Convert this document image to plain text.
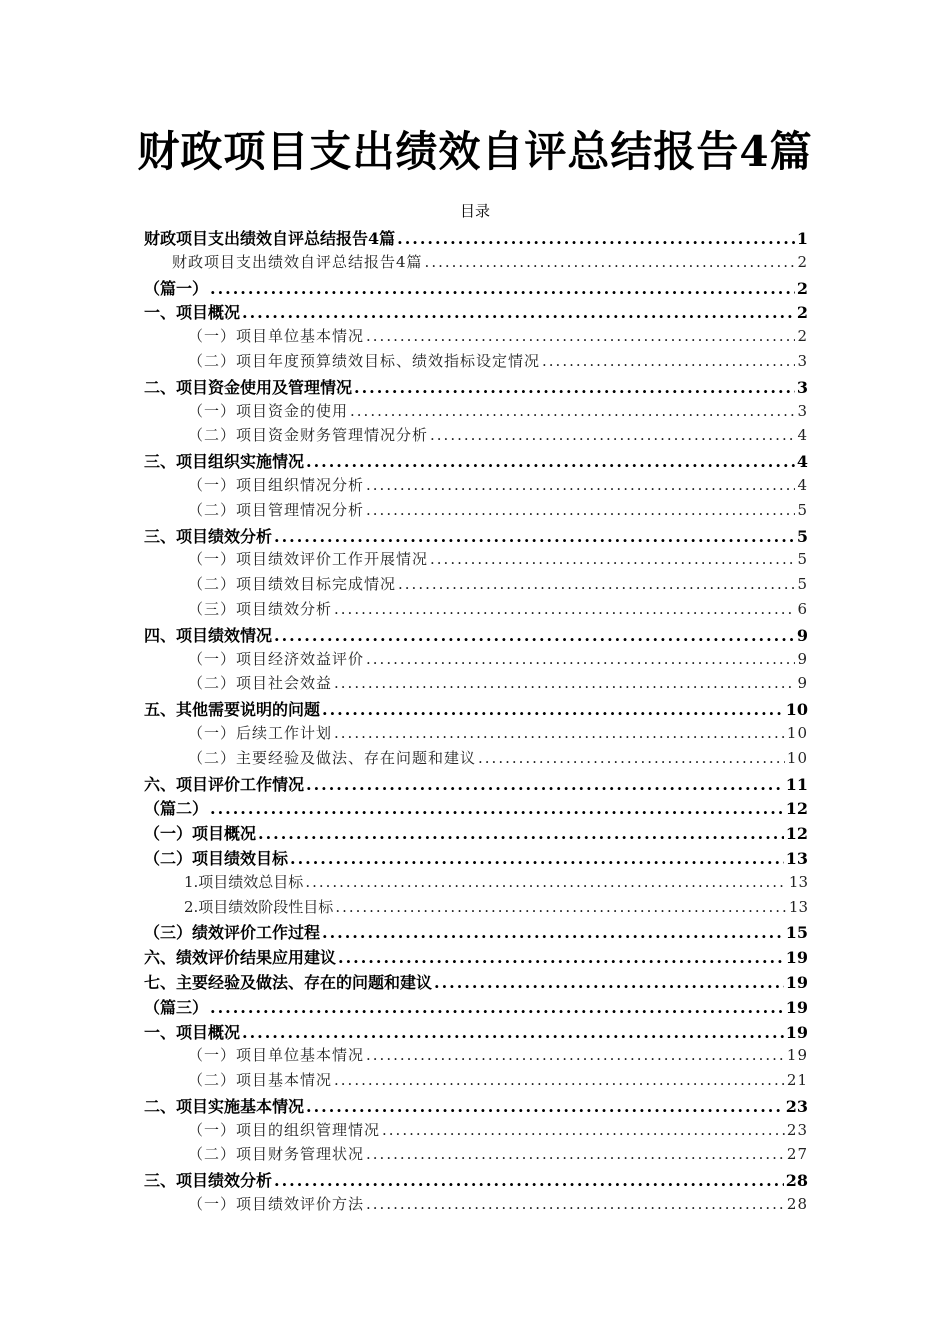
财政项目支出绩效自评总结报告4篇
目录
财政项目支出绩效自评总结报告4篇 .....	1
财政项目支出绩效自评总结报告4篇 .....	2
（篇一） .....	2
一、项目概况 .....	2
（一）项目单位基本情况 .....	2
（二）项目年度预算绩效目标、绩效指标设定情况 .....	3
二、项目资金使用及管理情况 .....	3
（一）项目资金的使用 .....	3
（二）项目资金财务管理情况分析 .....	4
三、项目组织实施情况 .....	4
（一）项目组织情况分析 .....	4
（二）项目管理情况分析 .....	5
三、项目绩效分析 .....	5
（一）项目绩效评价工作开展情况 .....	5
（二）项目绩效目标完成情况 .....	5
（三）项目绩效分析 .....	6
四、项目绩效情况 .....	9
（一）项目经济效益评价 .....	9
（二）项目社会效益 .....	9
五、其他需要说明的问题 .....	10
（一）后续工作计划 .....	10
（二）主要经验及做法、存在问题和建议 .....	10
六、项目评价工作情况 .....	11
（篇二） .....	12
（一）项目概况 .....	12
（二）项目绩效目标 .....	13
1.项目绩效总目标 .....	13
2.项目绩效阶段性目标 .....	13
（三）绩效评价工作过程 .....	15
六、绩效评价结果应用建议 .....	19
七、主要经验及做法、存在的问题和建议 .....	19
（篇三） .....	19
一、项目概况 .....	19
（一）项目单位基本情况 .....	19
（二）项目基本情况 .....	21
二、项目实施基本情况 .....	23
（一）项目的组织管理情况 .....	23
（二）项目财务管理状况 .....	27
三、项目绩效分析 .....	28
（一）项目绩效评价方法 .....	28
